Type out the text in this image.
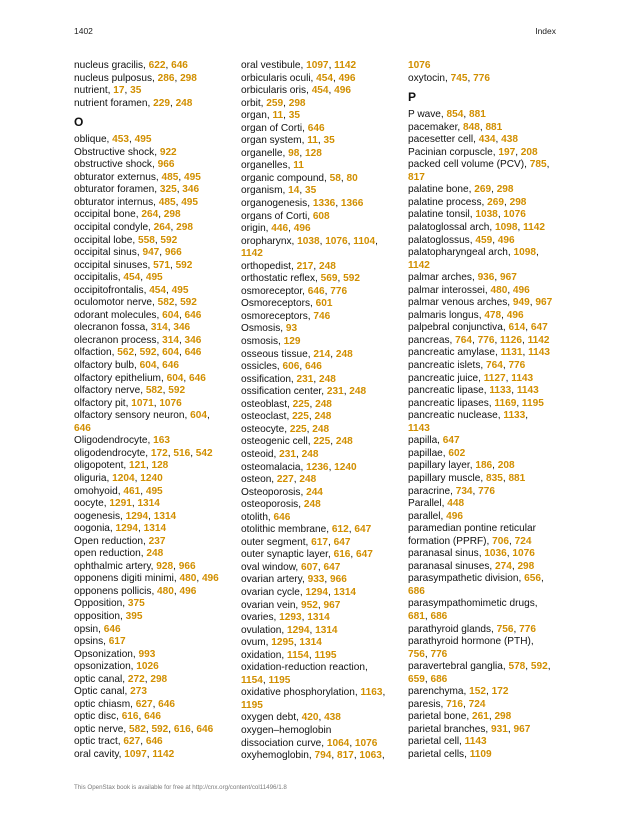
1402	Index
nucleus gracilis, 622, 646
nucleus pulposus, 286, 298
nutrient, 17, 35
nutrient foramen, 229, 248
O
oblique, 453, 495
Obstructive shock, 922
obstructive shock, 966
obturator externus, 485, 495
obturator foramen, 325, 346
obturator internus, 485, 495
occipital bone, 264, 298
occipital condyle, 264, 298
occipital lobe, 558, 592
occipital sinus, 947, 966
occipital sinuses, 571, 592
occipitalis, 454, 495
occipitofrontalis, 454, 495
oculomotor nerve, 582, 592
odorant molecules, 604, 646
olecranon fossa, 314, 346
olecranon process, 314, 346
olfaction, 562, 592, 604, 646
olfactory bulb, 604, 646
olfactory epithelium, 604, 646
olfactory nerve, 582, 592
olfactory pit, 1071, 1076
olfactory sensory neuron, 604,
646
Oligodendrocyte, 163
oligodendrocyte, 172, 516, 542
oligopotent, 121, 128
oliguria, 1204, 1240
omohyoid, 461, 495
oocyte, 1291, 1314
oogenesis, 1294, 1314
oogonia, 1294, 1314
Open reduction, 237
open reduction, 248
ophthalmic artery, 928, 966
opponens digiti minimi, 480, 496
opponens pollicis, 480, 496
Opposition, 375
opposition, 395
opsin, 646
opsins, 617
Opsonization, 993
opsonization, 1026
optic canal, 272, 298
Optic canal, 273
optic chiasm, 627, 646
optic disc, 616, 646
optic nerve, 582, 592, 616, 646
optic tract, 627, 646
oral cavity, 1097, 1142
oral vestibule, 1097, 1142
orbicularis oculi, 454, 496
orbicularis oris, 454, 496
orbit, 259, 298
organ, 11, 35
organ of Corti, 646
organ system, 11, 35
organelle, 98, 128
organelles, 11
organic compound, 58, 80
organism, 14, 35
organogenesis, 1336, 1366
organs of Corti, 608
origin, 446, 496
oropharynx, 1038, 1076, 1104,
1142
orthopedist, 217, 248
orthostatic reflex, 569, 592
osmoreceptor, 646, 776
Osmoreceptors, 601
osmoreceptors, 746
Osmosis, 93
osmosis, 129
osseous tissue, 214, 248
ossicles, 606, 646
ossification, 231, 248
ossification center, 231, 248
osteoblast, 225, 248
osteoclast, 225, 248
osteocyte, 225, 248
osteogenic cell, 225, 248
osteoid, 231, 248
osteomalacia, 1236, 1240
osteon, 227, 248
Osteoporosis, 244
osteoporosis, 248
otolith, 646
otolithic membrane, 612, 647
outer segment, 617, 647
outer synaptic layer, 616, 647
oval window, 607, 647
ovarian artery, 933, 966
ovarian cycle, 1294, 1314
ovarian vein, 952, 967
ovaries, 1293, 1314
ovulation, 1294, 1314
ovum, 1295, 1314
oxidation, 1154, 1195
oxidation-reduction reaction,
1154, 1195
oxidative phosphorylation, 1163,
1195
oxygen debt, 420, 438
oxygen–hemoglobin
dissociation curve, 1064, 1076
oxyhemoglobin, 794, 817, 1063,
1076
oxytocin, 745, 776
P
P wave, 854, 881
pacemaker, 848, 881
pacesetter cell, 434, 438
Pacinian corpuscle, 197, 208
packed cell volume (PCV), 785,
817
palatine bone, 269, 298
palatine process, 269, 298
palatine tonsil, 1038, 1076
palatoglossal arch, 1098, 1142
palatoglossus, 459, 496
palatopharyngeal arch, 1098,
1142
palmar arches, 936, 967
palmar interossei, 480, 496
palmar venous arches, 949, 967
palmaris longus, 478, 496
palpebral conjunctiva, 614, 647
pancreas, 764, 776, 1126, 1142
pancreatic amylase, 1131, 1143
pancreatic islets, 764, 776
pancreatic juice, 1127, 1143
pancreatic lipase, 1133, 1143
pancreatic lipases, 1169, 1195
pancreatic nuclease, 1133,
1143
papilla, 647
papillae, 602
papillary layer, 186, 208
papillary muscle, 835, 881
paracrine, 734, 776
Parallel, 448
parallel, 496
paramedian pontine reticular
formation (PPRF), 706, 724
paranasal sinus, 1036, 1076
paranasal sinuses, 274, 298
parasympathetic division, 656,
686
parasympathomimetic drugs,
681, 686
parathyroid glands, 756, 776
parathyroid hormone (PTH),
756, 776
paravertebral ganglia, 578, 592,
659, 686
parenchyma, 152, 172
paresis, 716, 724
parietal bone, 261, 298
parietal branches, 931, 967
parietal cell, 1143
parietal cells, 1109
This OpenStax book is available for free at http://cnx.org/content/col11496/1.8
